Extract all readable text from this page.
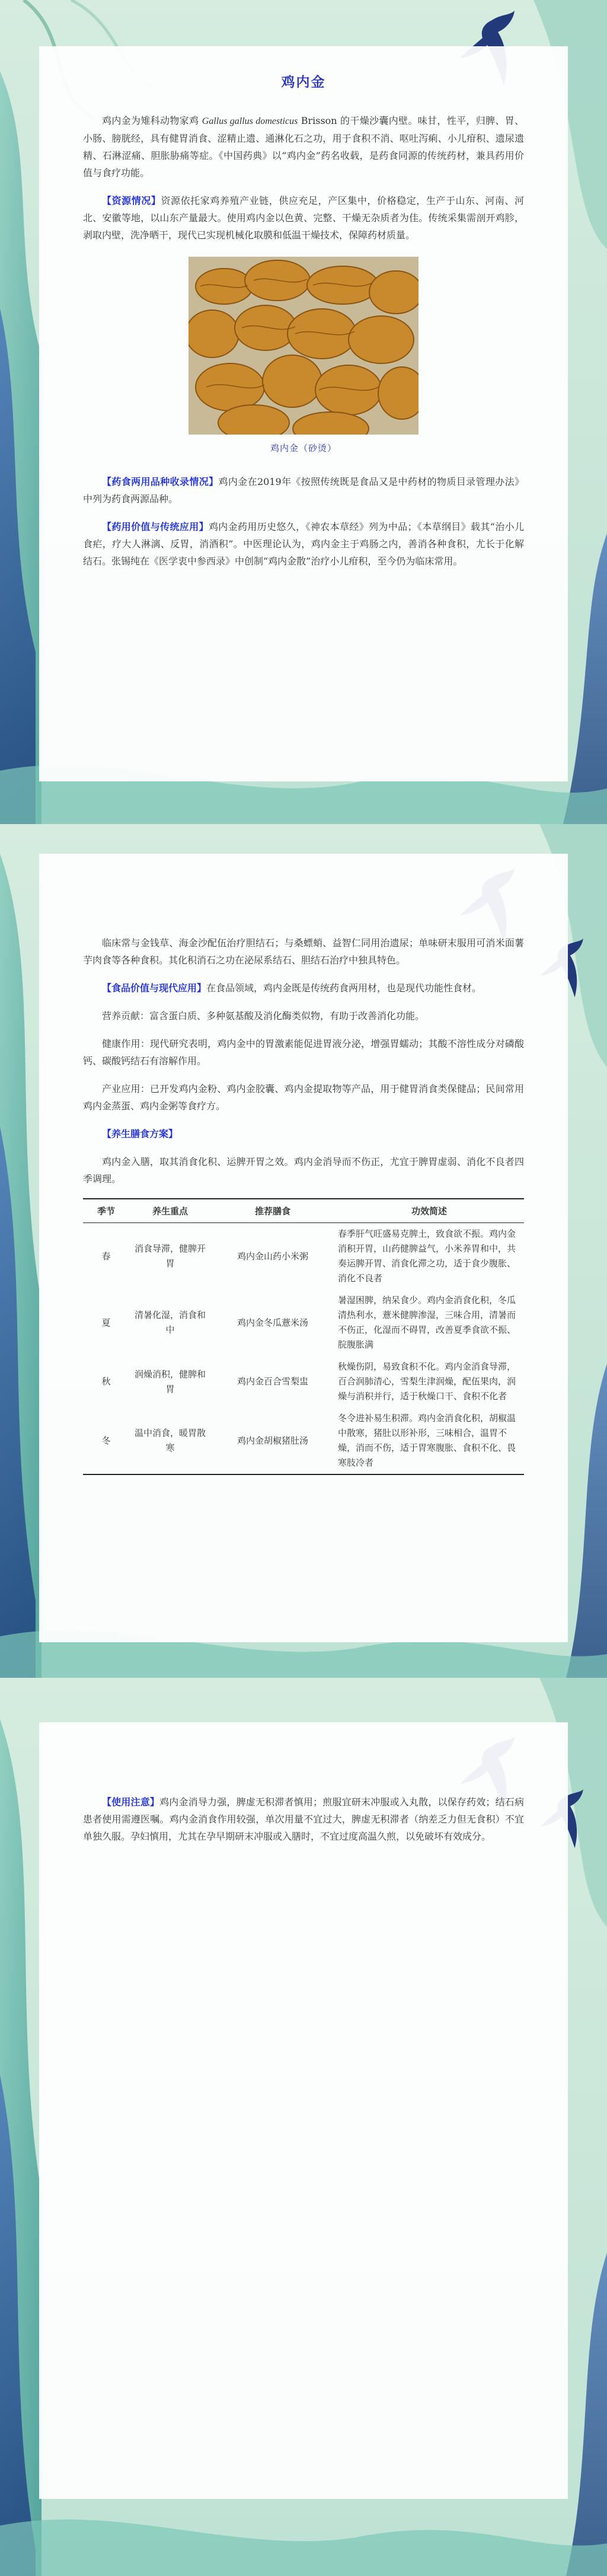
鸡内金

鸡内金为雉科动物家鸡 Gallus gallus domesticus Brisson 的干燥沙囊内壁。味甘，性平，归脾、胃、小肠、膀胱经，具有健胃消食、涩精止遗、通淋化石之功，用于食积不消、呕吐泻痢、小儿疳积、遗尿遗精、石淋涩痛、胆胀胁痛等症。《中国药典》以“鸡内金”药名收载，是药食同源的传统药材，兼具药用价值与食疗功能。

【资源情况】资源依托家鸡养殖产业链，供应充足，产区集中，价格稳定，生产于山东、河南、河北、安徽等地，以山东产量最大。使用鸡内金以色黄、完整、干燥无杂质者为佳。传统采集需剖开鸡胗，剥取内壁，洗净晒干，现代已实现机械化取膜和低温干燥技术，保障药材质量。

鸡内金（砂烫）

【药食两用品种收录情况】鸡内金在2019年《按照传统既是食品又是中药材的物质目录管理办法》中列为药食两源品种。

【药用价值与传统应用】鸡内金药用历史悠久，《神农本草经》列为中品；《本草纲目》载其“治小儿食疟，疗大人淋漓、反胃，消酒积”。中医理论认为，鸡内金主于鸡肠之内，善消各种食积，尤长于化解结石。张锡纯在《医学衷中参西录》中创制“鸡内金散”治疗小儿疳积，至今仍为临床常用。

临床常与金钱草、海金沙配伍治疗胆结石；与桑螵蛸、益智仁同用治遗尿；单味研末服用可消米面薯芋肉食等各种食积。其化积消石之功在泌尿系结石、胆结石治疗中独具特色。

【食品价值与现代应用】在食品领域，鸡内金既是传统药食两用材，也是现代功能性食材。

营养贡献：富含蛋白质、多种氨基酸及消化酶类似物，有助于改善消化功能。

健康作用：现代研究表明，鸡内金中的胃激素能促进胃液分泌，增强胃蠕动；其酸不溶性成分对磷酸钙、碳酸钙结石有溶解作用。

产业应用：已开发鸡内金粉、鸡内金胶囊、鸡内金提取物等产品，用于健胃消食类保健品；民间常用鸡内金蒸蛋、鸡内金粥等食疗方。

【养生膳食方案】

鸡内金入膳，取其消食化积、运脾开胃之效。鸡内金消导而不伤正，尤宜于脾胃虚弱、消化不良者四季调理。

季节	养生重点	推荐膳食	功效简述
春	消食导滞，健脾开胃	鸡内金山药小米粥	春季肝气旺盛易克脾土，致食欲不振。鸡内金消积开胃，山药健脾益气，小米养胃和中，共奏运脾开胃、消食化滞之功，适于食少腹胀、消化不良者
夏	清暑化湿，消食和中	鸡内金冬瓜薏米汤	暑湿困脾，纳呆食少。鸡内金消食化积，冬瓜清热利水，薏米健脾渗湿，三味合用，清暑而不伤正，化湿而不碍胃，改善夏季食欲不振、脘腹胀满
秋	润燥消积，健脾和胃	鸡内金百合雪梨盅	秋燥伤阴，易致食积不化。鸡内金消食导滞，百合润肺清心，雪梨生津润燥，配伍果肉，润燥与消积并行，适于秋燥口干、食积不化者
冬	温中消食，暖胃散寒	鸡内金胡椒猪肚汤	冬令进补易生积滞。鸡内金消食化积，胡椒温中散寒，猪肚以形补形，三味相合，温胃不燥，消而不伤，适于胃寒腹胀、食积不化、畏寒肢冷者

【使用注意】鸡内金消导力强，脾虚无积滞者慎用；煎服宜研末冲服或入丸散，以保存药效；结石病患者使用需遵医嘱。鸡内金消食作用较强，单次用量不宜过大，脾虚无积滞者（纳差乏力但无食积）不宜单独久服。孕妇慎用，尤其在孕早期研末冲服或入膳时，不宜过度高温久煎，以免破坏有效成分。
